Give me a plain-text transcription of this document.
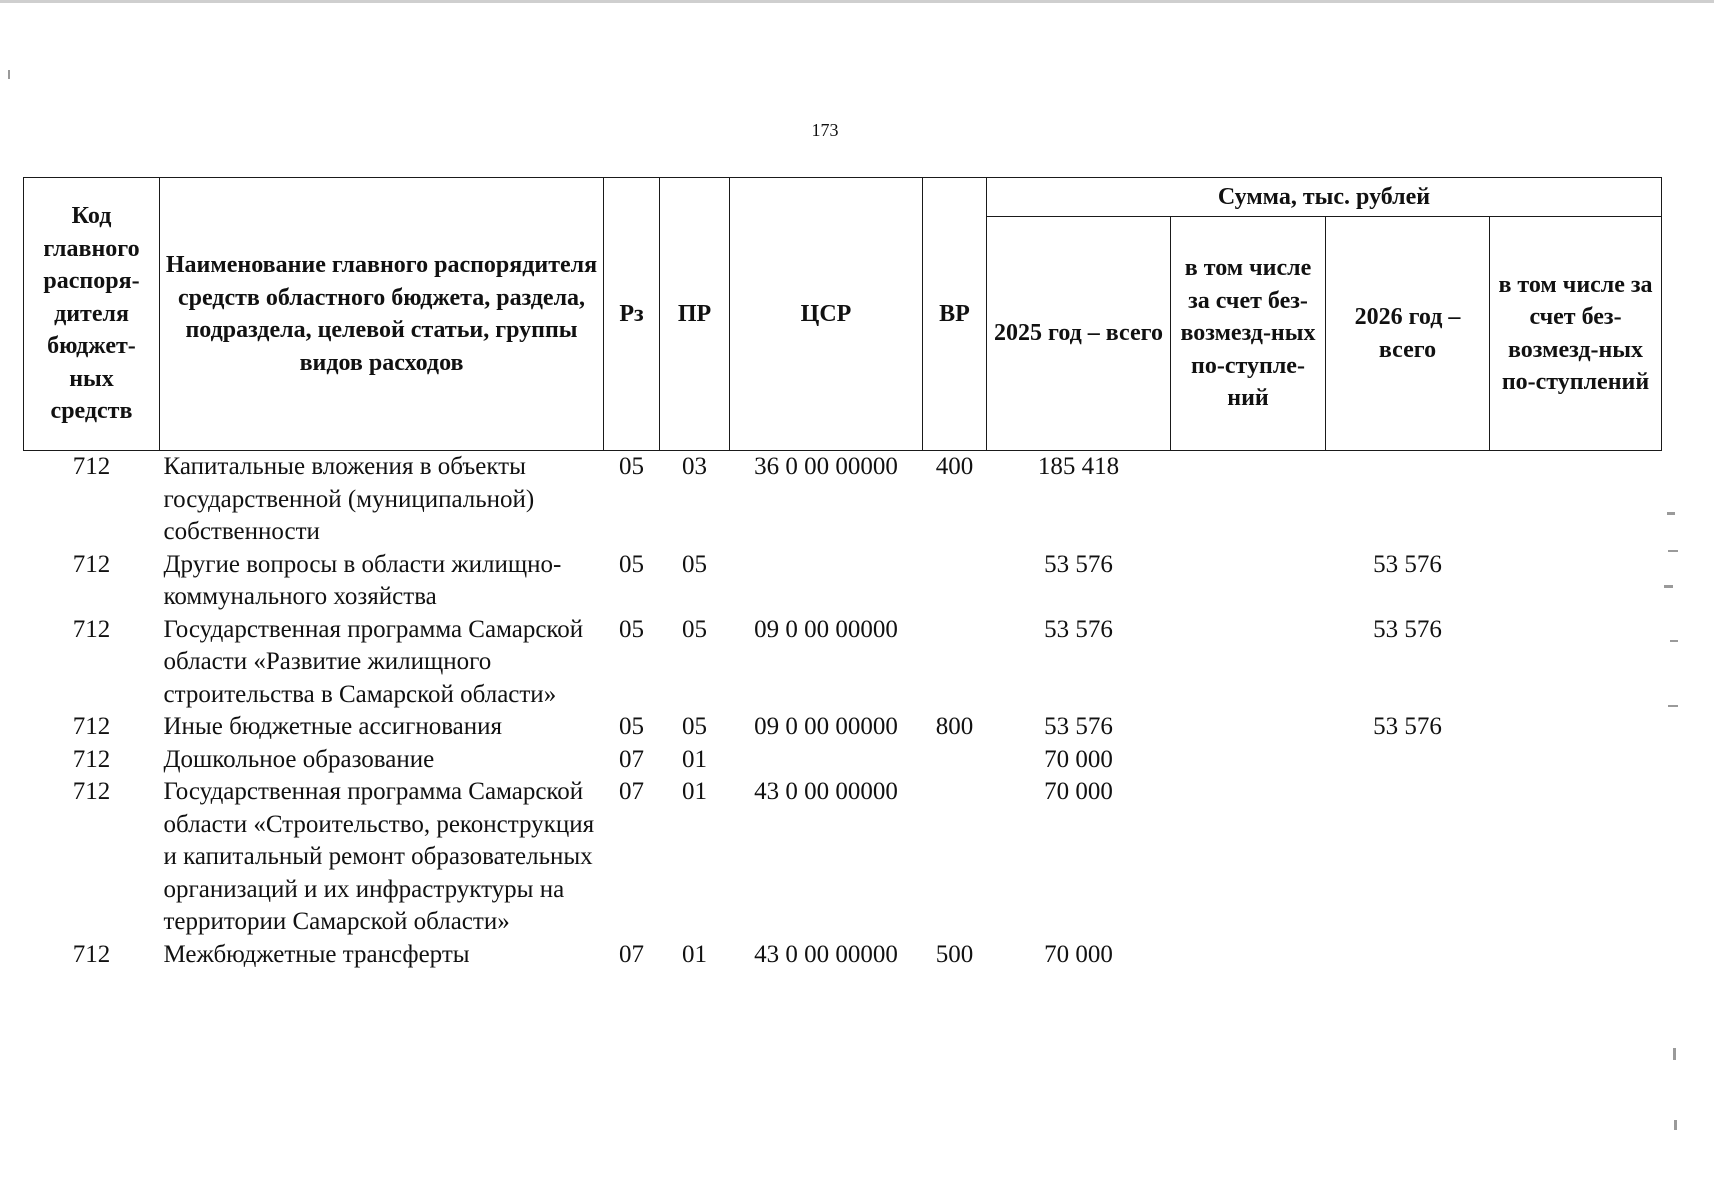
173
Код главного распоря-дителя бюджет-ных средств	Наименование главного распорядителя средств областного бюджета, раздела, подраздела, целевой статьи, группы видов расходов	Рз	ПР	ЦСР	ВР	Сумма, тыс. рублей			
						2025 год – всего	в том числе за счет без-возмезд-ных по-ступле-ний	2026 год – всего	в том числе за счет без-возмезд-ных по-ступлений
712	Капитальные вложения в объекты государственной (муниципальной) собственности	05	03	36 0 00 00000	400	185 418			
712	Другие вопросы в области жилищно-коммунального хозяйства	05	05			53 576		53 576	
712	Государственная программа Самарской области «Развитие жилищного строительства в Самарской области»	05	05	09 0 00 00000		53 576		53 576	
712	Иные бюджетные ассигнования	05	05	09 0 00 00000	800	53 576		53 576	
712	Дошкольное образование	07	01			70 000			
712	Государственная программа Самарской области «Строительство, реконструкция и капитальный ремонт образовательных организаций и их инфраструктуры на территории Самарской области»	07	01	43 0 00 00000		70 000			
712	Межбюджетные трансферты	07	01	43 0 00 00000	500	70 000			
